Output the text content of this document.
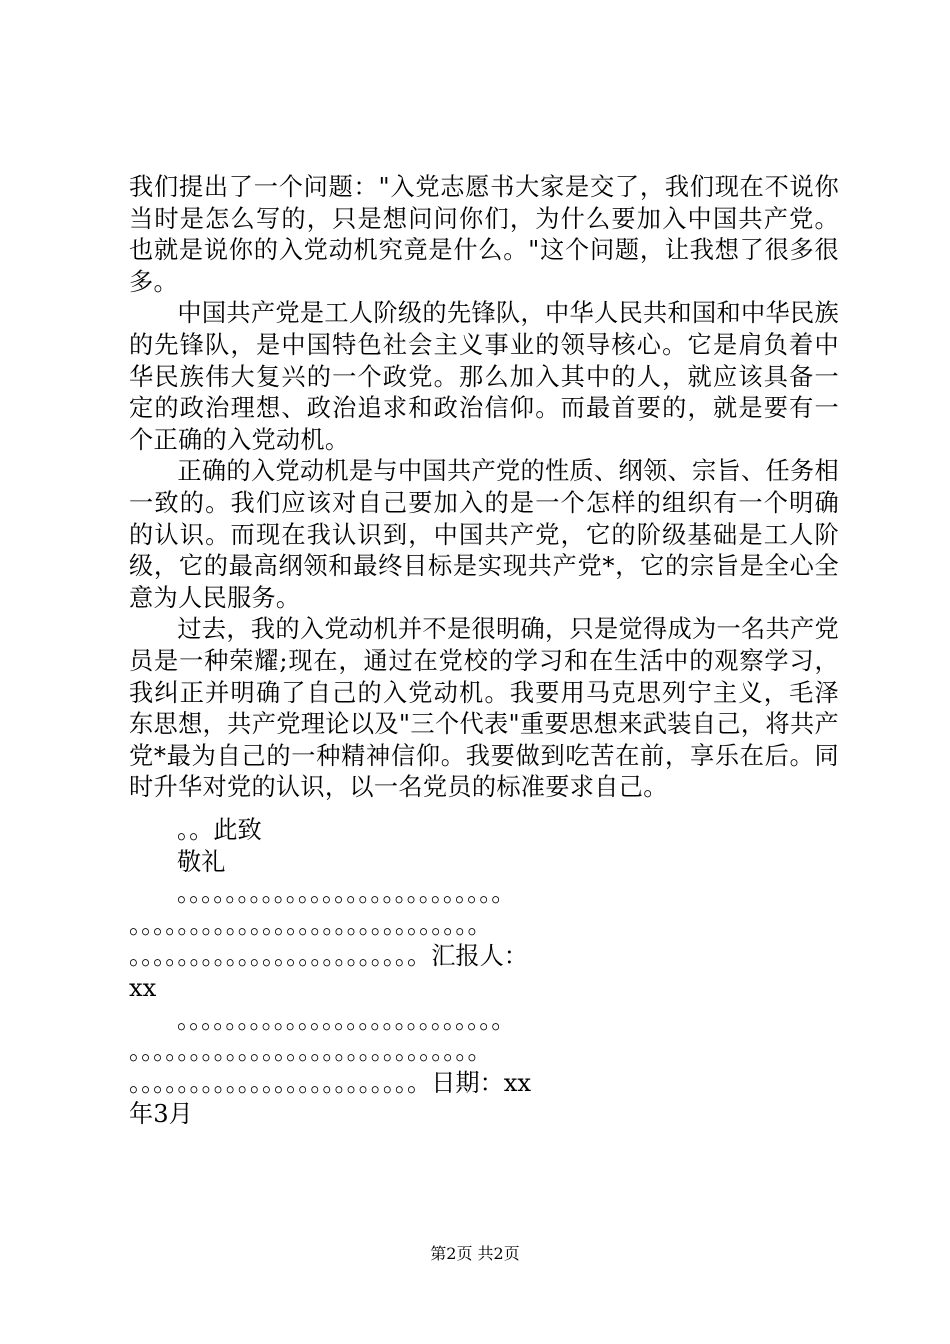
我们提出了一个问题："入党志愿书大家是交了，我们现在不说你当时是怎么写的，只是想问问你们，为什么要加入中国共产党。也就是说你的入党动机究竟是什么。"这个问题，让我想了很多很多。

中国共产党是工人阶级的先锋队，中华人民共和国和中华民族的先锋队，是中国特色社会主义事业的领导核心。它是肩负着中华民族伟大复兴的一个政党。那么加入其中的人，就应该具备一定的政治理想、政治追求和政治信仰。而最首要的，就是要有一个正确的入党动机。

正确的入党动机是与中国共产党的性质、纲领、宗旨、任务相一致的。我们应该对自己要加入的是一个怎样的组织有一个明确的认识。而现在我认识到，中国共产党，它的阶级基础是工人阶级，它的最高纲领和最终目标是实现共产党*，它的宗旨是全心全意为人民服务。

过去，我的入党动机并不是很明确，只是觉得成为一名共产党员是一种荣耀;现在，通过在党校的学习和在生活中的观察学习，我纠正并明确了自己的入党动机。我要用马克思列宁主义，毛泽东思想，共产党理论以及"三个代表"重要思想来武装自己，将共产党*最为自己的一种精神信仰。我要做到吃苦在前，享乐在后。同时升华对党的认识，以一名党员的标准要求自己。

。。此致
敬礼
。。。。。。。。。。。。。。。。。。。。。。。。。。。
。。。。。。。。。。。。。。。。。。。。。。。。。。。。。
。。。。。。。。。。。。。。。。。。。。。。。。汇报人：
xx
。。。。。。。。。。。。。。。。。。。。。。。。。。。
。。。。。。。。。。。。。。。。。。。。。。。。。。。。。
。。。。。。。。。。。。。。。。。。。。。。。。日期：xx
年3月
第2页 共2页
